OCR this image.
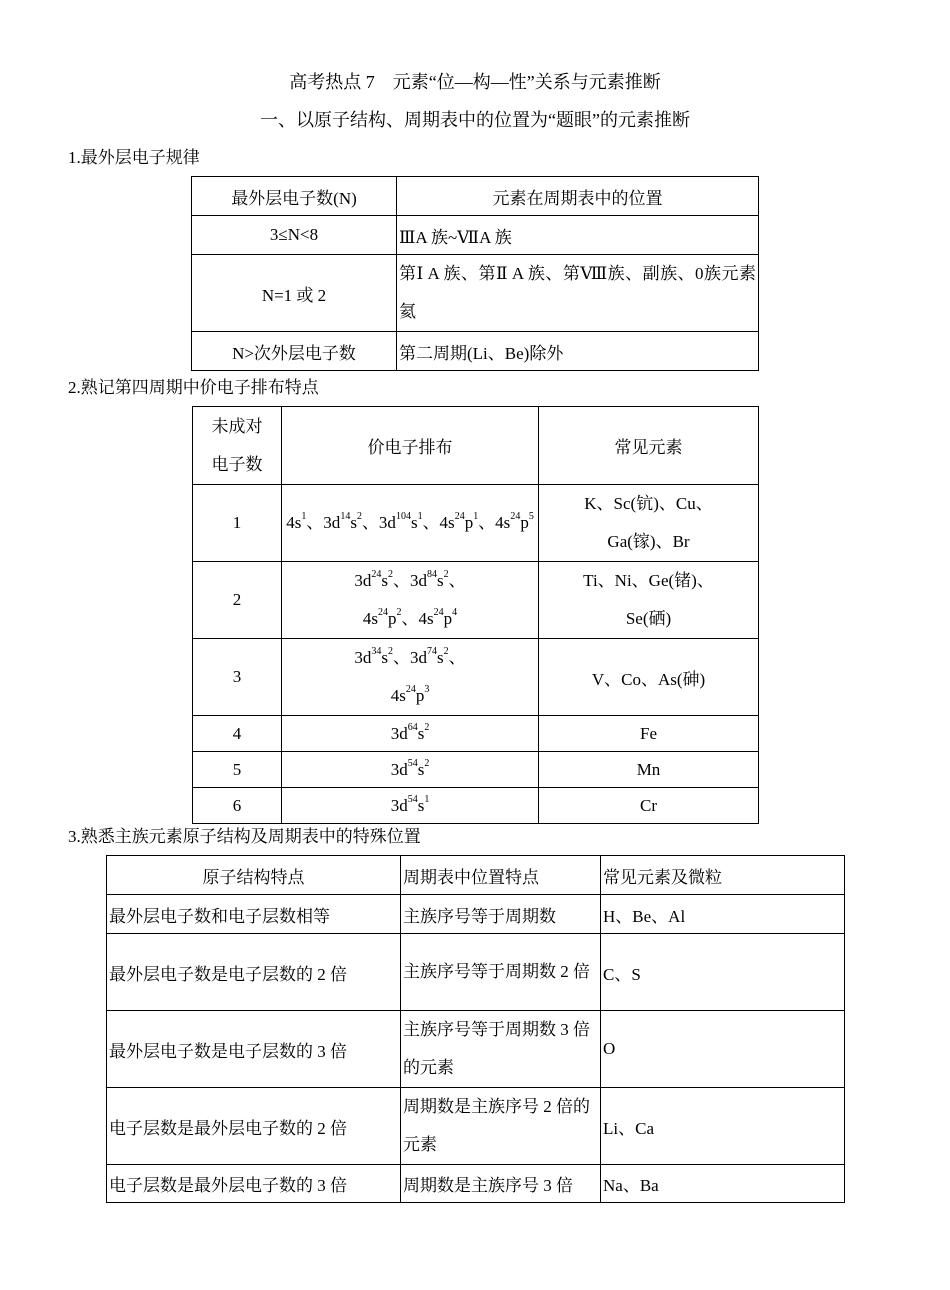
高考热点 7　元素“位—构—性”关系与元素推断
一、以原子结构、周期表中的位置为“题眼”的元素推断
1.最外层电子规律
最外层电子数(N)	元素在周期表中的位置
3≤N<8	ⅢA 族~ⅦA 族
N=1 或 2	第Ⅰ A 族、第Ⅱ A 族、第Ⅷ族、副族、0族元素氦
N>次外层电子数	第二周期(Li、Be)除外
2.熟记第四周期中价电子排布特点
未成对电子数	价电子排布	常见元素
1	$4s^1$、$3d^{14}s^2$、$3d^{104}s^1$、$4s^{24}p^1$、$4s^{24}p^5$	K、Sc(钪)、Cu、Ga(镓)、Br
2	$3d^{24}s^2$、$3d^{84}s^2$、$4s^{24}p^2$、$4s^{24}p^4$	Ti、Ni、Ge(锗)、Se(硒)
3	$3d^{34}s^2$、$3d^{74}s^2$、$4s^{24}p^3$	V、Co、As(砷)
4	$3d^{64}s^2$	Fe
5	$3d^{54}s^2$	Mn
6	$3d^{54}s^1$	Cr
3.熟悉主族元素原子结构及周期表中的特殊位置
原子结构特点	周期表中位置特点	常见元素及微粒
最外层电子数和电子层数相等	主族序号等于周期数	H、Be、Al
最外层电子数是电子层数的 2 倍	主族序号等于周期数 2 倍	C、S
最外层电子数是电子层数的 3 倍	主族序号等于周期数 3 倍的元素	O
电子层数是最外层电子数的 2 倍	周期数是主族序号 2 倍的元素	Li、Ca
电子层数是最外层电子数的 3 倍	周期数是主族序号 3 倍	Na、Ba
